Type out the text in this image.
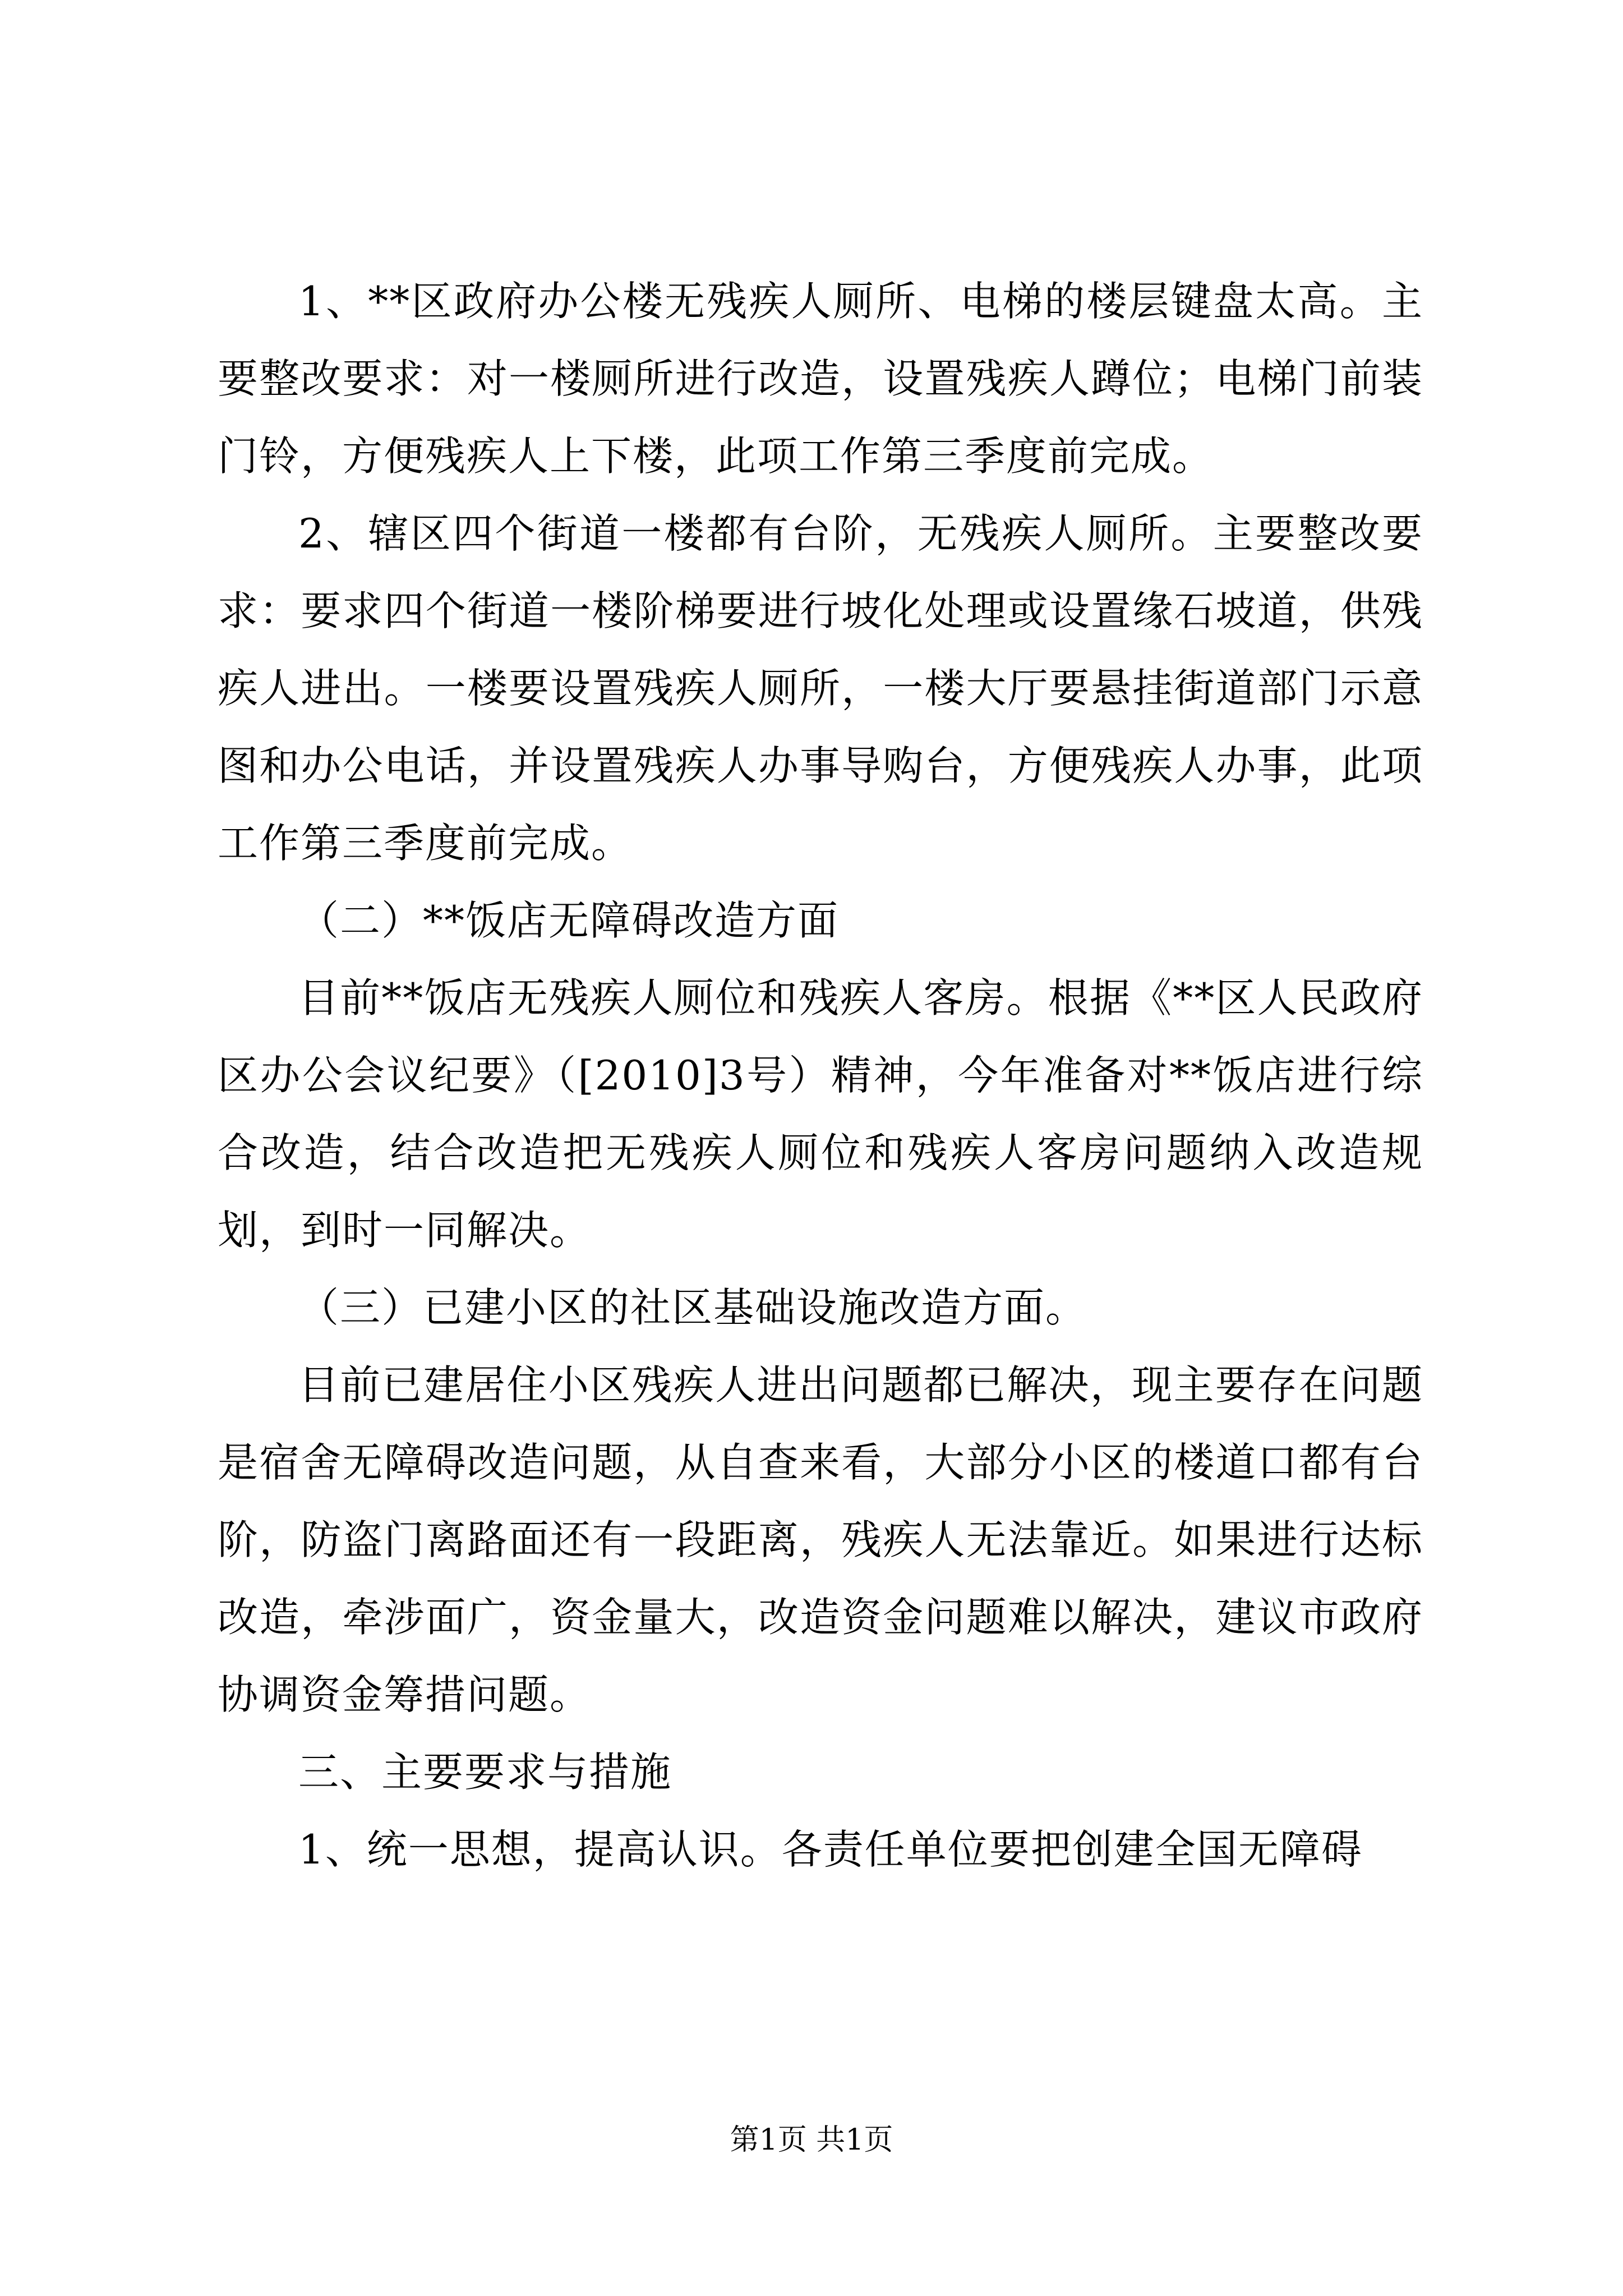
1、**区政府办公楼无残疾人厕所、电梯的楼层键盘太高。主要整改要求：对一楼厕所进行改造，设置残疾人蹲位；电梯门前装门铃，方便残疾人上下楼，此项工作第三季度前完成。

2、辖区四个街道一楼都有台阶，无残疾人厕所。主要整改要求：要求四个街道一楼阶梯要进行坡化处理或设置缘石坡道，供残疾人进出。一楼要设置残疾人厕所，一楼大厅要悬挂街道部门示意图和办公电话，并设置残疾人办事导购台，方便残疾人办事，此项工作第三季度前完成。

（二）**饭店无障碍改造方面

目前**饭店无残疾人厕位和残疾人客房。根据《**区人民政府区办公会议纪要》（[2010]3号）精神，今年准备对**饭店进行综合改造，结合改造把无残疾人厕位和残疾人客房问题纳入改造规划，到时一同解决。

（三）已建小区的社区基础设施改造方面。

目前已建居住小区残疾人进出问题都已解决，现主要存在问题是宿舍无障碍改造问题，从自查来看，大部分小区的楼道口都有台阶，防盗门离路面还有一段距离，残疾人无法靠近。如果进行达标改造，牵涉面广，资金量大，改造资金问题难以解决，建议市政府协调资金筹措问题。

三、主要要求与措施

1、统一思想，提高认识。各责任单位要把创建全国无障碍

第1页 共1页
